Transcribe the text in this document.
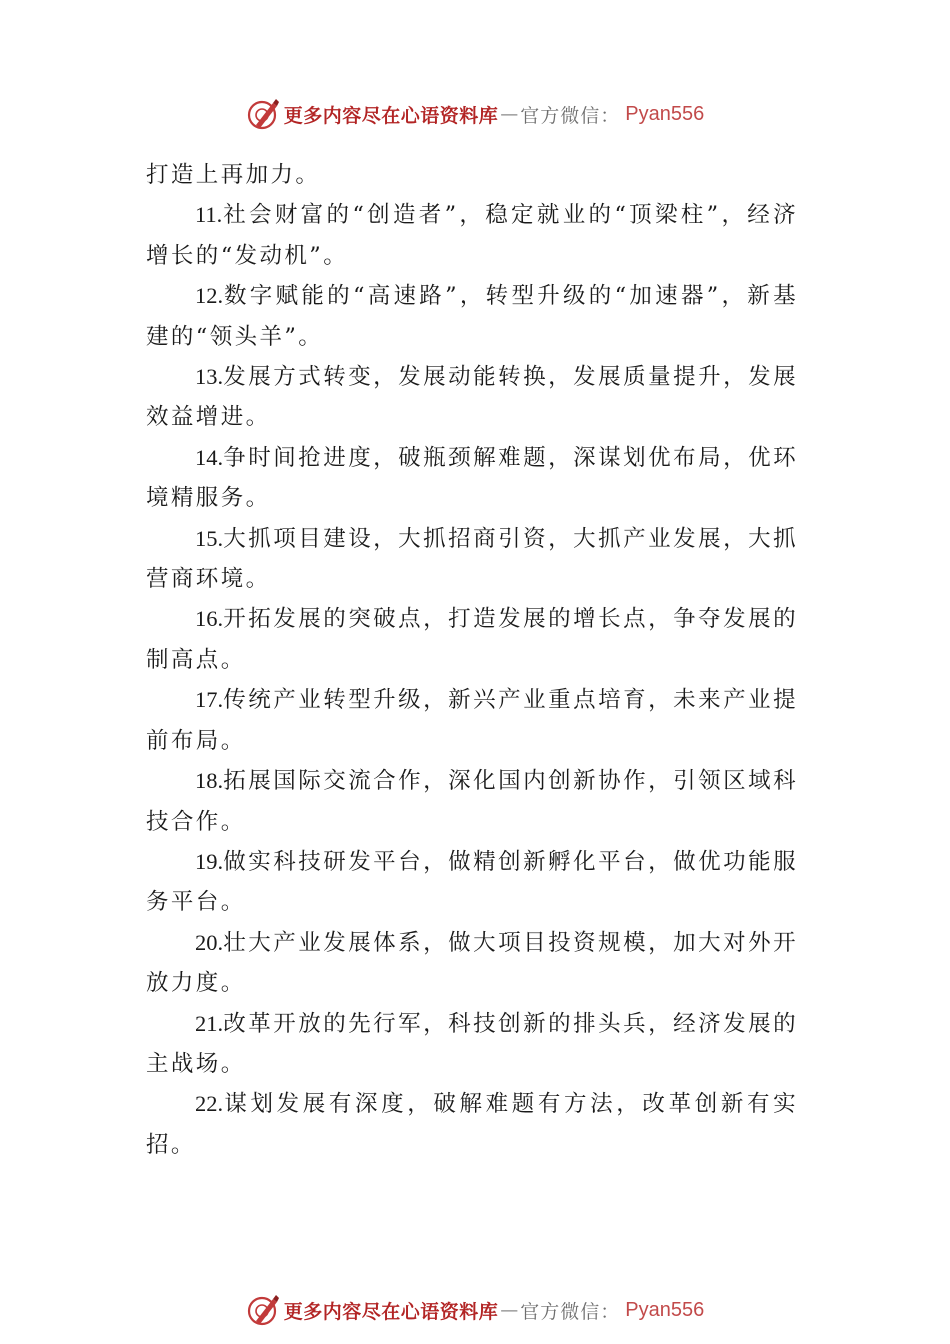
更多内容尽在心语资料库 — 官方微信 ： Pyan556

打造上再加力。

11.社会财富的“创造者”，稳定就业的“顶梁柱”，经济增长的“发动机”。

12.数字赋能的“高速路”，转型升级的“加速器”，新基建的“领头羊”。

13.发展方式转变，发展动能转换，发展质量提升，发展效益增进。

14.争时间抢进度，破瓶颈解难题，深谋划优布局，优环境精服务。

15.大抓项目建设，大抓招商引资，大抓产业发展，大抓营商环境。

16.开拓发展的突破点，打造发展的增长点，争夺发展的制高点。

17.传统产业转型升级，新兴产业重点培育，未来产业提前布局。

18.拓展国际交流合作，深化国内创新协作，引领区域科技合作。

19.做实科技研发平台，做精创新孵化平台，做优功能服务平台。

20.壮大产业发展体系，做大项目投资规模，加大对外开放力度。

21.改革开放的先行军，科技创新的排头兵，经济发展的主战场。

22.谋划发展有深度，破解难题有方法，改革创新有实招。

更多内容尽在心语资料库 — 官方微信 ： Pyan556
